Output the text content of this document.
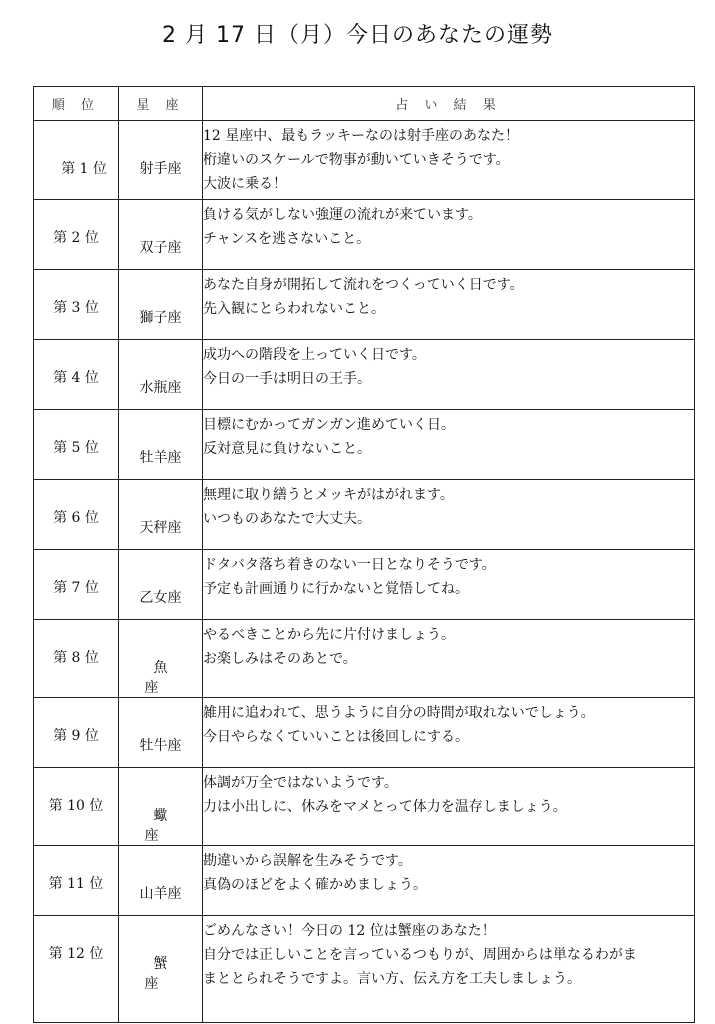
2 月 17 日（月）今日のあなたの運勢
順 位	星 座	占 い 結 果

第 1 位	射手座	12 星座中、最もラッキーなのは射手座のあなた！
桁違いのスケールで物事が動いていきそうです。
大波に乗る！

第 2 位	双子座	負ける気がしない強運の流れが来ています。
チャンスを逃さないこと。

第 3 位	獅子座	あなた自身が開拓して流れをつくっていく日です。
先入観にとらわれないこと。

第 4 位	水瓶座	成功への階段を上っていく日です。
今日の一手は明日の王手。

第 5 位	牡羊座	目標にむかってガンガン進めていく日。
反対意見に負けないこと。

第 6 位	天秤座	無理に取り繕うとメッキがはがれます。
いつものあなたで大丈夫。

第 7 位	乙女座	ドタバタ落ち着きのない一日となりそうです。
予定も計画通りに行かないと覚悟してね。

第 8 位	魚 座	やるべきことから先に片付けましょう。
お楽しみはそのあとで。

第 9 位	牡牛座	雑用に追われて、思うように自分の時間が取れないでしょう。
今日やらなくていいことは後回しにする。

第 10 位	蠍 座	体調が万全ではないようです。
力は小出しに、休みをマメとって体力を温存しましょう。

第 11 位	山羊座	勘違いから誤解を生みそうです。
真偽のほどをよく確かめましょう。

第 12 位	蟹 座	ごめんなさい！今日の 12 位は蟹座のあなた！
自分では正しいことを言っているつもりが、周囲からは単なるわがま
まととられそうですよ。言い方、伝え方を工夫しましょう。
